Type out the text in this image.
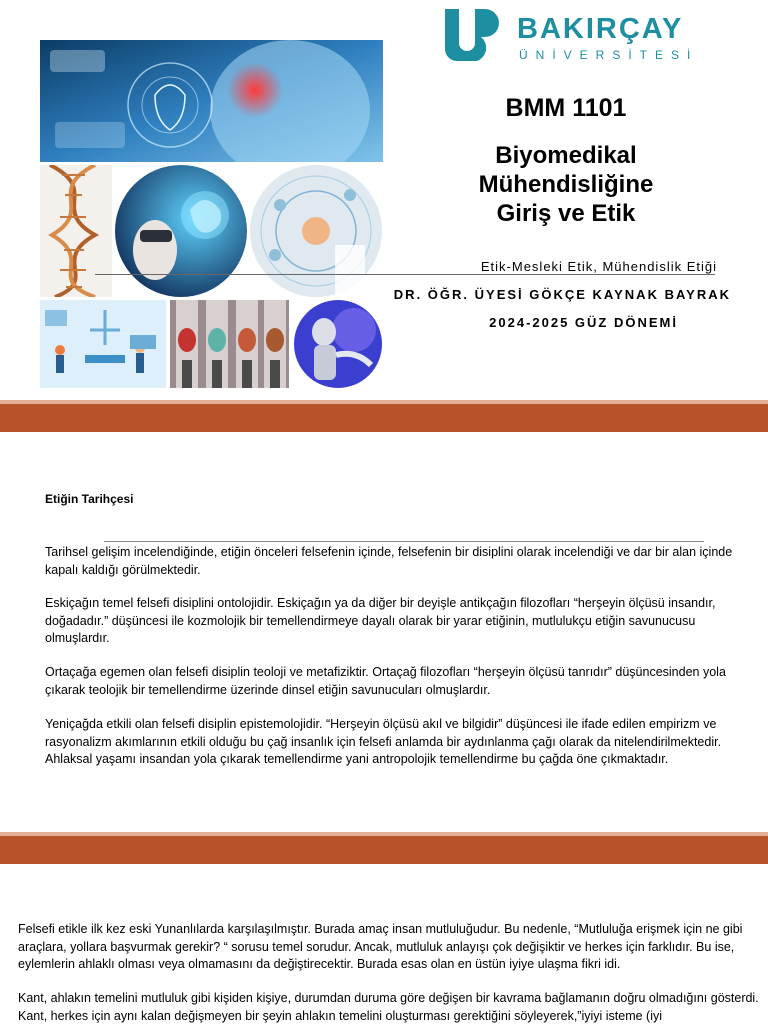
BAKIRÇAY
ÜNİVERSİTESİ
BMM 1101
Biyomedikal Mühendisliğine Giriş ve Etik
Etik-Mesleki Etik, Mühendislik Etiği
DR. ÖĞR. ÜYESİ GÖKÇE KAYNAK BAYRAK
2024-2025 GÜZ DÖNEMİ
Etiğin Tarihçesi

Tarihsel gelişim incelendiğinde, etiğin önceleri felsefenin içinde, felsefenin bir disiplini olarak incelendiği ve dar bir alan içinde kapalı kaldığı görülmektedir.

Eskiçağın temel felsefi disiplini ontolojidir. Eskiçağın ya da diğer bir deyişle antikçağın filozofları “herşeyin ölçüsü insandır, doğadadır.” düşüncesi ile kozmolojik bir temellendirmeye dayalı olarak bir yarar etiğinin, mutlulukçu etiğin savunucusu olmuşlardır.

Ortaçağa egemen olan felsefi disiplin teoloji ve metafiziktir. Ortaçağ filozofları “herşeyin ölçüsü tanrıdır” düşüncesinden yola çıkarak teolojik bir temellendirme üzerinde dinsel etiğin savunucuları olmuşlardır.

Yeniçağda etkili olan felsefi disiplin epistemolojidir. “Herşeyin ölçüsü akıl ve bilgidir” düşüncesi ile ifade edilen empirizm ve rasyonalizm akımlarının etkili olduğu bu çağ insanlık için felsefi anlamda bir aydınlanma çağı olarak da nitelendirilmektedir. Ahlaksal yaşamı insandan yola çıkarak temellendirme yani antropolojik temellendirme bu çağda öne çıkmaktadır.

Felsefi etikle ilk kez eski Yunanlılarda karşılaşılmıştır. Burada amaç insan mutluluğudur. Bu nedenle, “Mutluluğa erişmek için ne gibi araçlara, yollara başvurmak gerekir? “ sorusu temel sorudur. Ancak, mutluluk anlayışı çok değişiktir ve herkes için farklıdır. Bu ise, eylemlerin ahlaklı olması veya olmamasını da değiştirecektir. Burada esas olan en üstün iyiye ulaşma fikri idi.

Kant, ahlakın temelini mutluluk gibi kişiden kişiye, durumdan duruma göre değişen bir kavrama bağlamanın doğru olmadığını gösterdi. Kant, herkes için aynı kalan değişmeyen bir şeyin ahlakın temelini oluşturması gerektiğini söyleyerek,”iyiyi isteme (iyi
